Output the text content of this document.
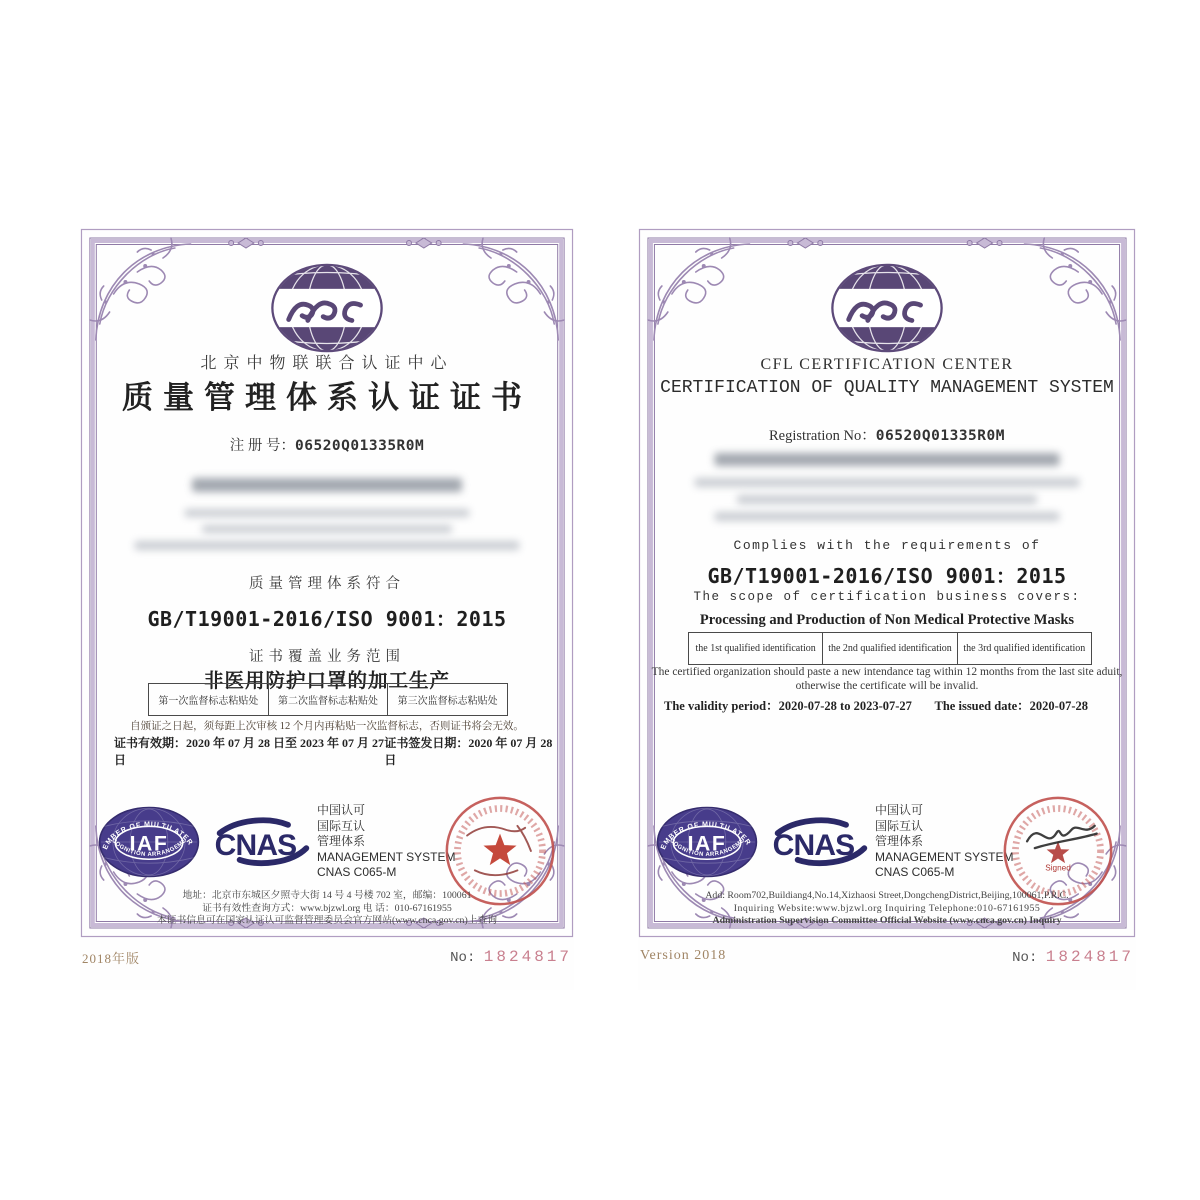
北京中物联联合认证中心
质量管理体系认证证书
注 册 号：06520Q01335R0M
质量管理体系符合
GB/T19001-2016/ISO 9001：2015
证书覆盖业务范围
非医用防护口罩的加工生产
第一次监督标志粘贴处	第二次监督标志粘贴处	第三次监督标志粘贴处
自颁证之日起，须每距上次审核 12 个月内再粘贴一次监督标志，否则证书将会无效。
证书有效期：2020 年 07 月 28 日至 2023 年 07 月 27 日
证书签发日期：2020 年 07 月 28 日
中国认可
国际互认
管理体系
MANAGEMENT SYSTEM
CNAS C065-M
地址：北京市东城区夕照寺大街 14 号 4 号楼 702 室，邮编：100061
证书有效性查询方式：www.bjzwl.org 电 话：010-67161955
本证书信息可在国家认证认可监督管理委员会官方网站(www.cnca.gov.cn)上查询
2018年版	No: 1824817
CFL CERTIFICATION CENTER
CERTIFICATION OF QUALITY MANAGEMENT SYSTEM
Registration No：06520Q01335R0M
Complies with the requirements of
GB/T19001-2016/ISO 9001：2015
The scope of certification business covers:
Processing and Production of Non Medical Protective Masks
the 1st qualified identification	the 2nd qualified identification	the 3rd qualified identification
The certified organization should paste a new intendance tag within 12 months from the last site aduit,
otherwise the certificate will be invalid.
The validity period：2020-07-28 to 2023-07-27 The issued date：2020-07-28
中国认可
国际互认
管理体系
MANAGEMENT SYSTEM
CNAS C065-M	Signed
Add: Room702,Buildiang4,No.14,Xizhaosi Street,DongchengDistrict,Beijing,100061,P.R.C.
Inquiring Website:www.bjzwl.org Inquiring Telephone:010-67161955
Administration Supervision Committee Official Website (www.cnca.gov.cn) Inquiry
Version 2018	No: 1824817
